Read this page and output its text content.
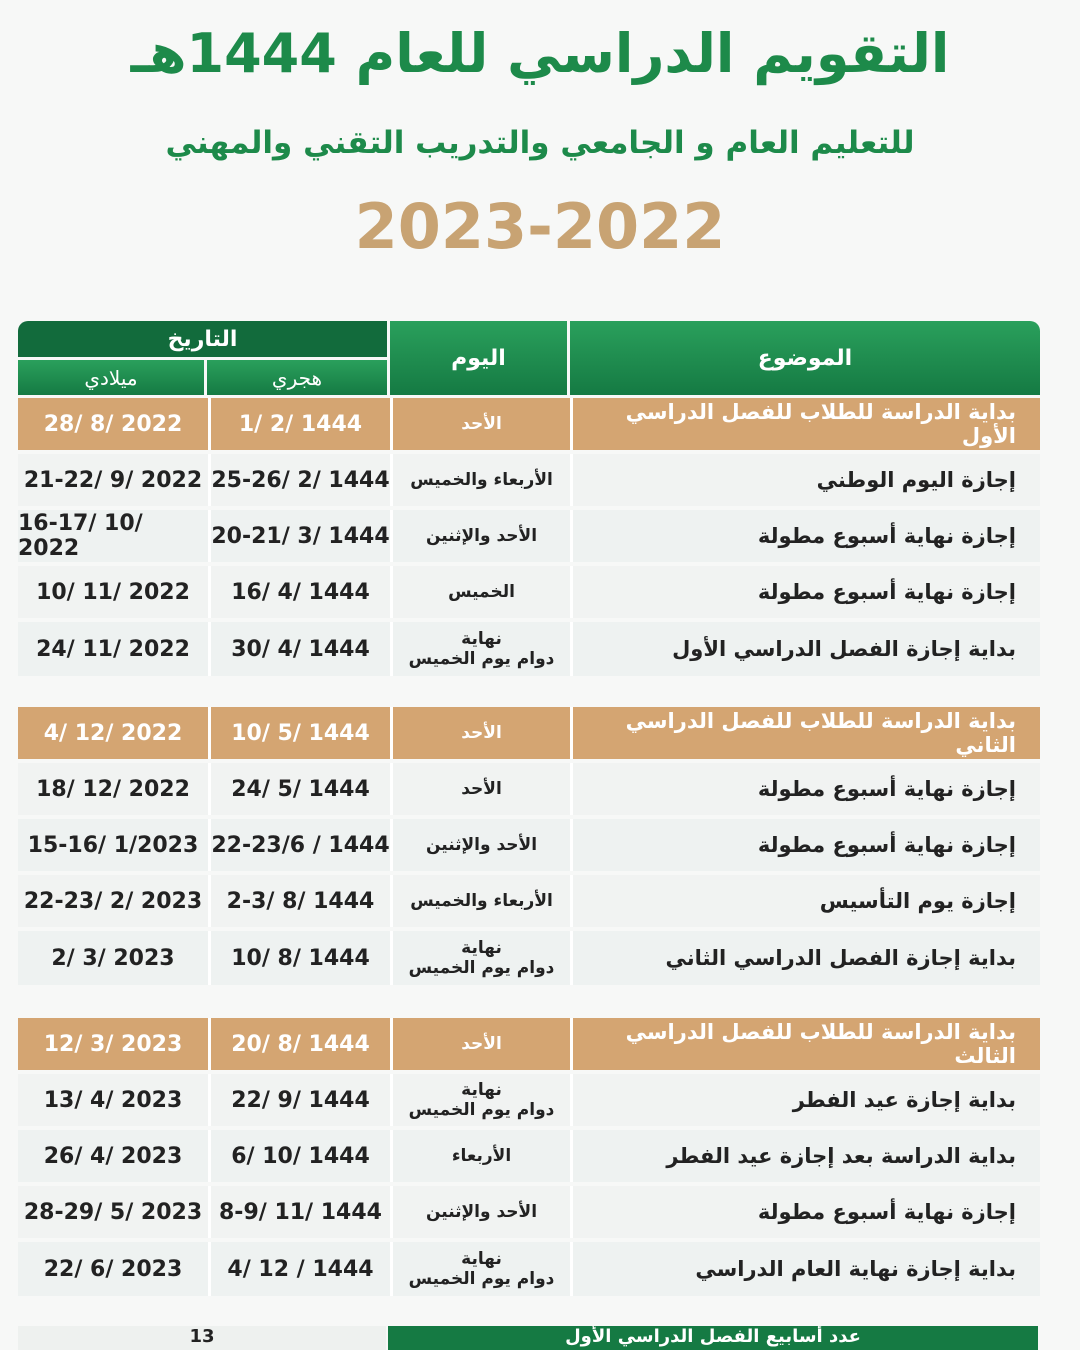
التقويم الدراسي للعام 1444هـ
للتعليم العام و الجامعي والتدريب التقني والمهني
2023-2022
الموضوع
اليوم
التاريخ
هجري
ميلادي
بداية الدراسة للطلاب للفصل الدراسي الأول
الأحد
1/ 2/ 1444
28/ 8/ 2022
إجازة اليوم الوطني
الأربعاء والخميس
25-26/ 2/ 1444
21-22/ 9/ 2022
إجازة نهاية أسبوع مطولة
الأحد والإثنين
20-21/ 3/ 1444
16-17/ 10/ 2022
إجازة نهاية أسبوع مطولة
الخميس
16/ 4/ 1444
10/ 11/ 2022
بداية إجازة الفصل الدراسي الأول
نهاية
دوام يوم الخميس
30/ 4/ 1444
24/ 11/ 2022
بداية الدراسة للطلاب للفصل الدراسي الثاني
الأحد
10/ 5/ 1444
4/ 12/ 2022
إجازة نهاية أسبوع مطولة
الأحد
24/ 5/ 1444
18/ 12/ 2022
إجازة نهاية أسبوع مطولة
الأحد والإثنين
22-23/6 / 1444
15-16/ 1/2023
إجازة يوم التأسيس
الأربعاء والخميس
2-3/ 8/ 1444
22-23/ 2/ 2023
بداية إجازة الفصل الدراسي الثاني
نهاية
دوام يوم الخميس
10/ 8/ 1444
2/ 3/ 2023
بداية الدراسة للطلاب للفصل الدراسي الثالث
الأحد
20/ 8/ 1444
12/ 3/ 2023
بداية إجازة عيد الفطر
نهاية
دوام يوم الخميس
22/ 9/ 1444
13/ 4/ 2023
بداية الدراسة بعد إجازة عيد الفطر
الأربعاء
6/ 10/ 1444
26/ 4/ 2023
إجازة نهاية أسبوع مطولة
الأحد والإثنين
8-9/ 11/ 1444
28-29/ 5/ 2023
بداية إجازة نهاية العام الدراسي
نهاية
دوام يوم الخميس
4/ 12 / 1444
22/ 6/ 2023
13	عدد أسابيع الفصل الدراسي الأول
